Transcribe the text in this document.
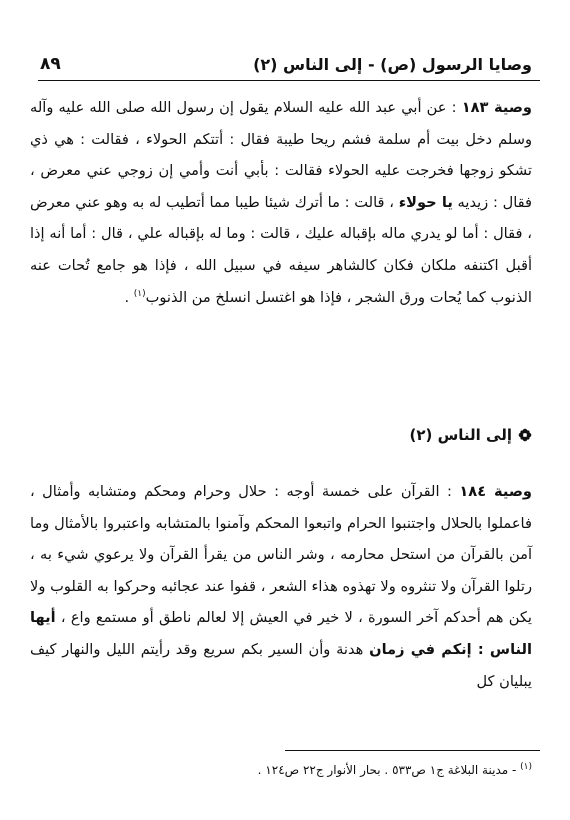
وصايا الرسول (ص) - إلى الناس (٢)
٨٩

وصية ١٨٣ : عن أبي عبد الله عليه السلام يقول إن رسول الله صلى الله عليه وآله وسلم دخل بيت أم سلمة فشم ريحا طيبة فقال : أتتكم الحولاء ، فقالت : هي ذي تشكو زوجها فخرجت عليه الحولاء فقالت : بأبي أنت وأمي إن زوجي عني معرض ، فقال : زيديه يا حولاء ، قالت : ما أترك شيئا طيبا مما أتطيب له به وهو عني معرض ، فقال : أما لو يدري ماله بإقباله عليك ، قالت : وما له بإقباله علي ، قال : أما أنه إذا أقبل اكتنفه ملكان فكان كالشاهر سيفه في سبيل الله ، فإذا هو جامع تُحات عنه الذنوب كما يُحات ورق الشجر ، فإذا هو اغتسل انسلخ من الذنوب$^{(١)}$ .

إلى الناس (٢)

وصية ١٨٤ : القرآن على خمسة أوجه : حلال وحرام ومحكم ومتشابه وأمثال ، فاعملوا بالحلال واجتنبوا الحرام واتبعوا المحكم وآمنوا بالمتشابه واعتبروا بالأمثال وما آمن بالقرآن من استحل محارمه ، وشر الناس من يقرأ القرآن ولا يرعوي شيء به ، رتلوا القرآن ولا تنثروه ولا تهذوه هذاء الشعر ، قفوا عند عجائبه وحركوا به القلوب ولا يكن هم أحدكم آخر السورة ، لا خير في العيش إلا لعالم ناطق أو مستمع واع ، أيها الناس : إنكم في زمان هدنة وأن السير بكم سريع وقد رأيتم الليل والنهار كيف يبليان كل

$^{(١)}$ - مدينة البلاغة ج١ ص٥٣٣ . بحار الأنوار ج٢٢ ص١٢٤ .
